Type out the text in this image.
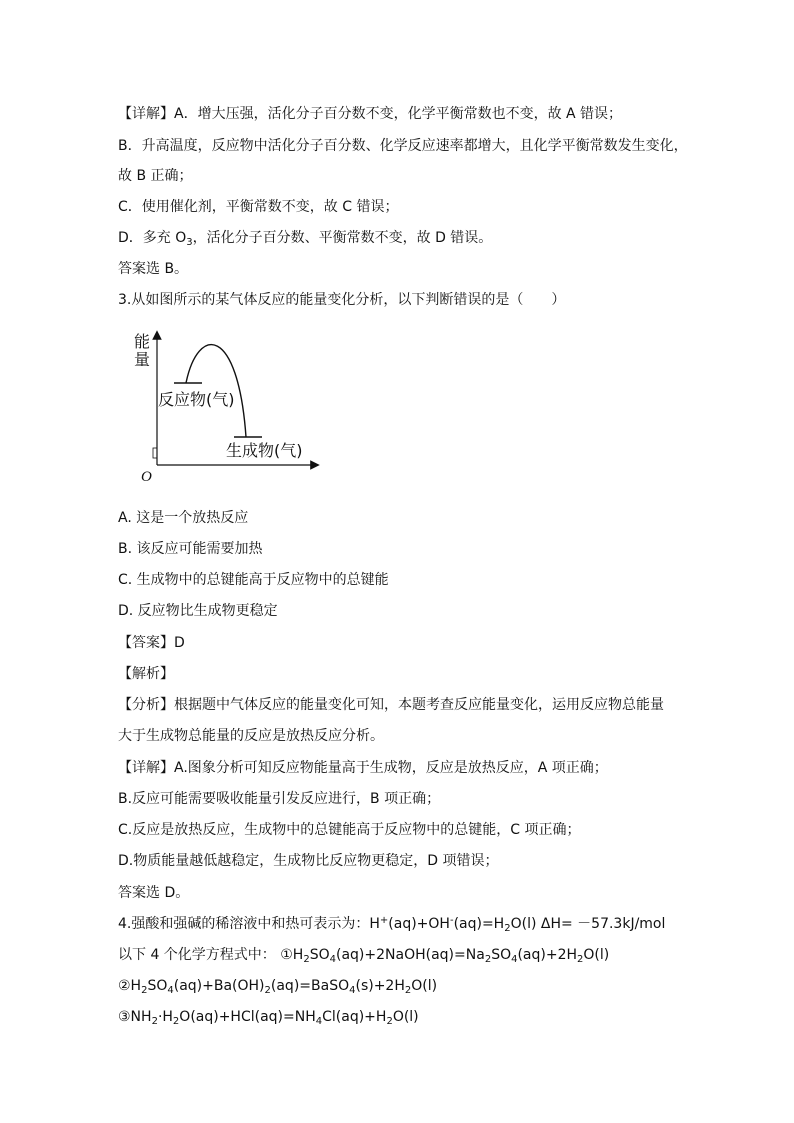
【详解】A．增大压强，活化分子百分数不变，化学平衡常数也不变，故 A 错误；
B．升高温度，反应物中活化分子百分数、化学反应速率都增大，且化学平衡常数发生变化，
故 B 正确；
C．使用催化剂，平衡常数不变，故 C 错误；
D．多充 $O_3$，活化分子百分数、平衡常数不变，故 D 错误。
答案选 B。
3.从如图所示的某气体反应的能量变化分析，以下判断错误的是（　　）
能
量
O
反应物(气)
生成物(气)
A. 这是一个放热反应
B. 该反应可能需要加热
C. 生成物中的总键能高于反应物中的总键能
D. 反应物比生成物更稳定
【答案】D
【解析】
【分析】根据题中气体反应的能量变化可知，本题考查反应能量变化，运用反应物总能量
大于生成物总能量的反应是放热反应分析。
【详解】A.图象分析可知反应物能量高于生成物，反应是放热反应，A 项正确；
B.反应可能需要吸收能量引发反应进行，B 项正确；
C.反应是放热反应，生成物中的总键能高于反应物中的总键能，C 项正确；
D.物质能量越低越稳定，生成物比反应物更稳定，D 项错误；
答案选 D。
4.强酸和强碱的稀溶液中和热可表示为：$H^+(aq)+OH^-(aq)=H_2O(l)$ ΔH= －57.3kJ/mol
以下 4 个化学方程式中： $①H_2SO_4(aq)+2NaOH(aq)=Na_2SO_4(aq)+2H_2O(l)$
$②H_2SO_4(aq)+Ba(OH)_2(aq)=BaSO_4(s)+2H_2O(l)$
$③NH_2\cdot H_2O(aq)+HCl(aq)=NH_4Cl(aq)+H_2O(l)$
